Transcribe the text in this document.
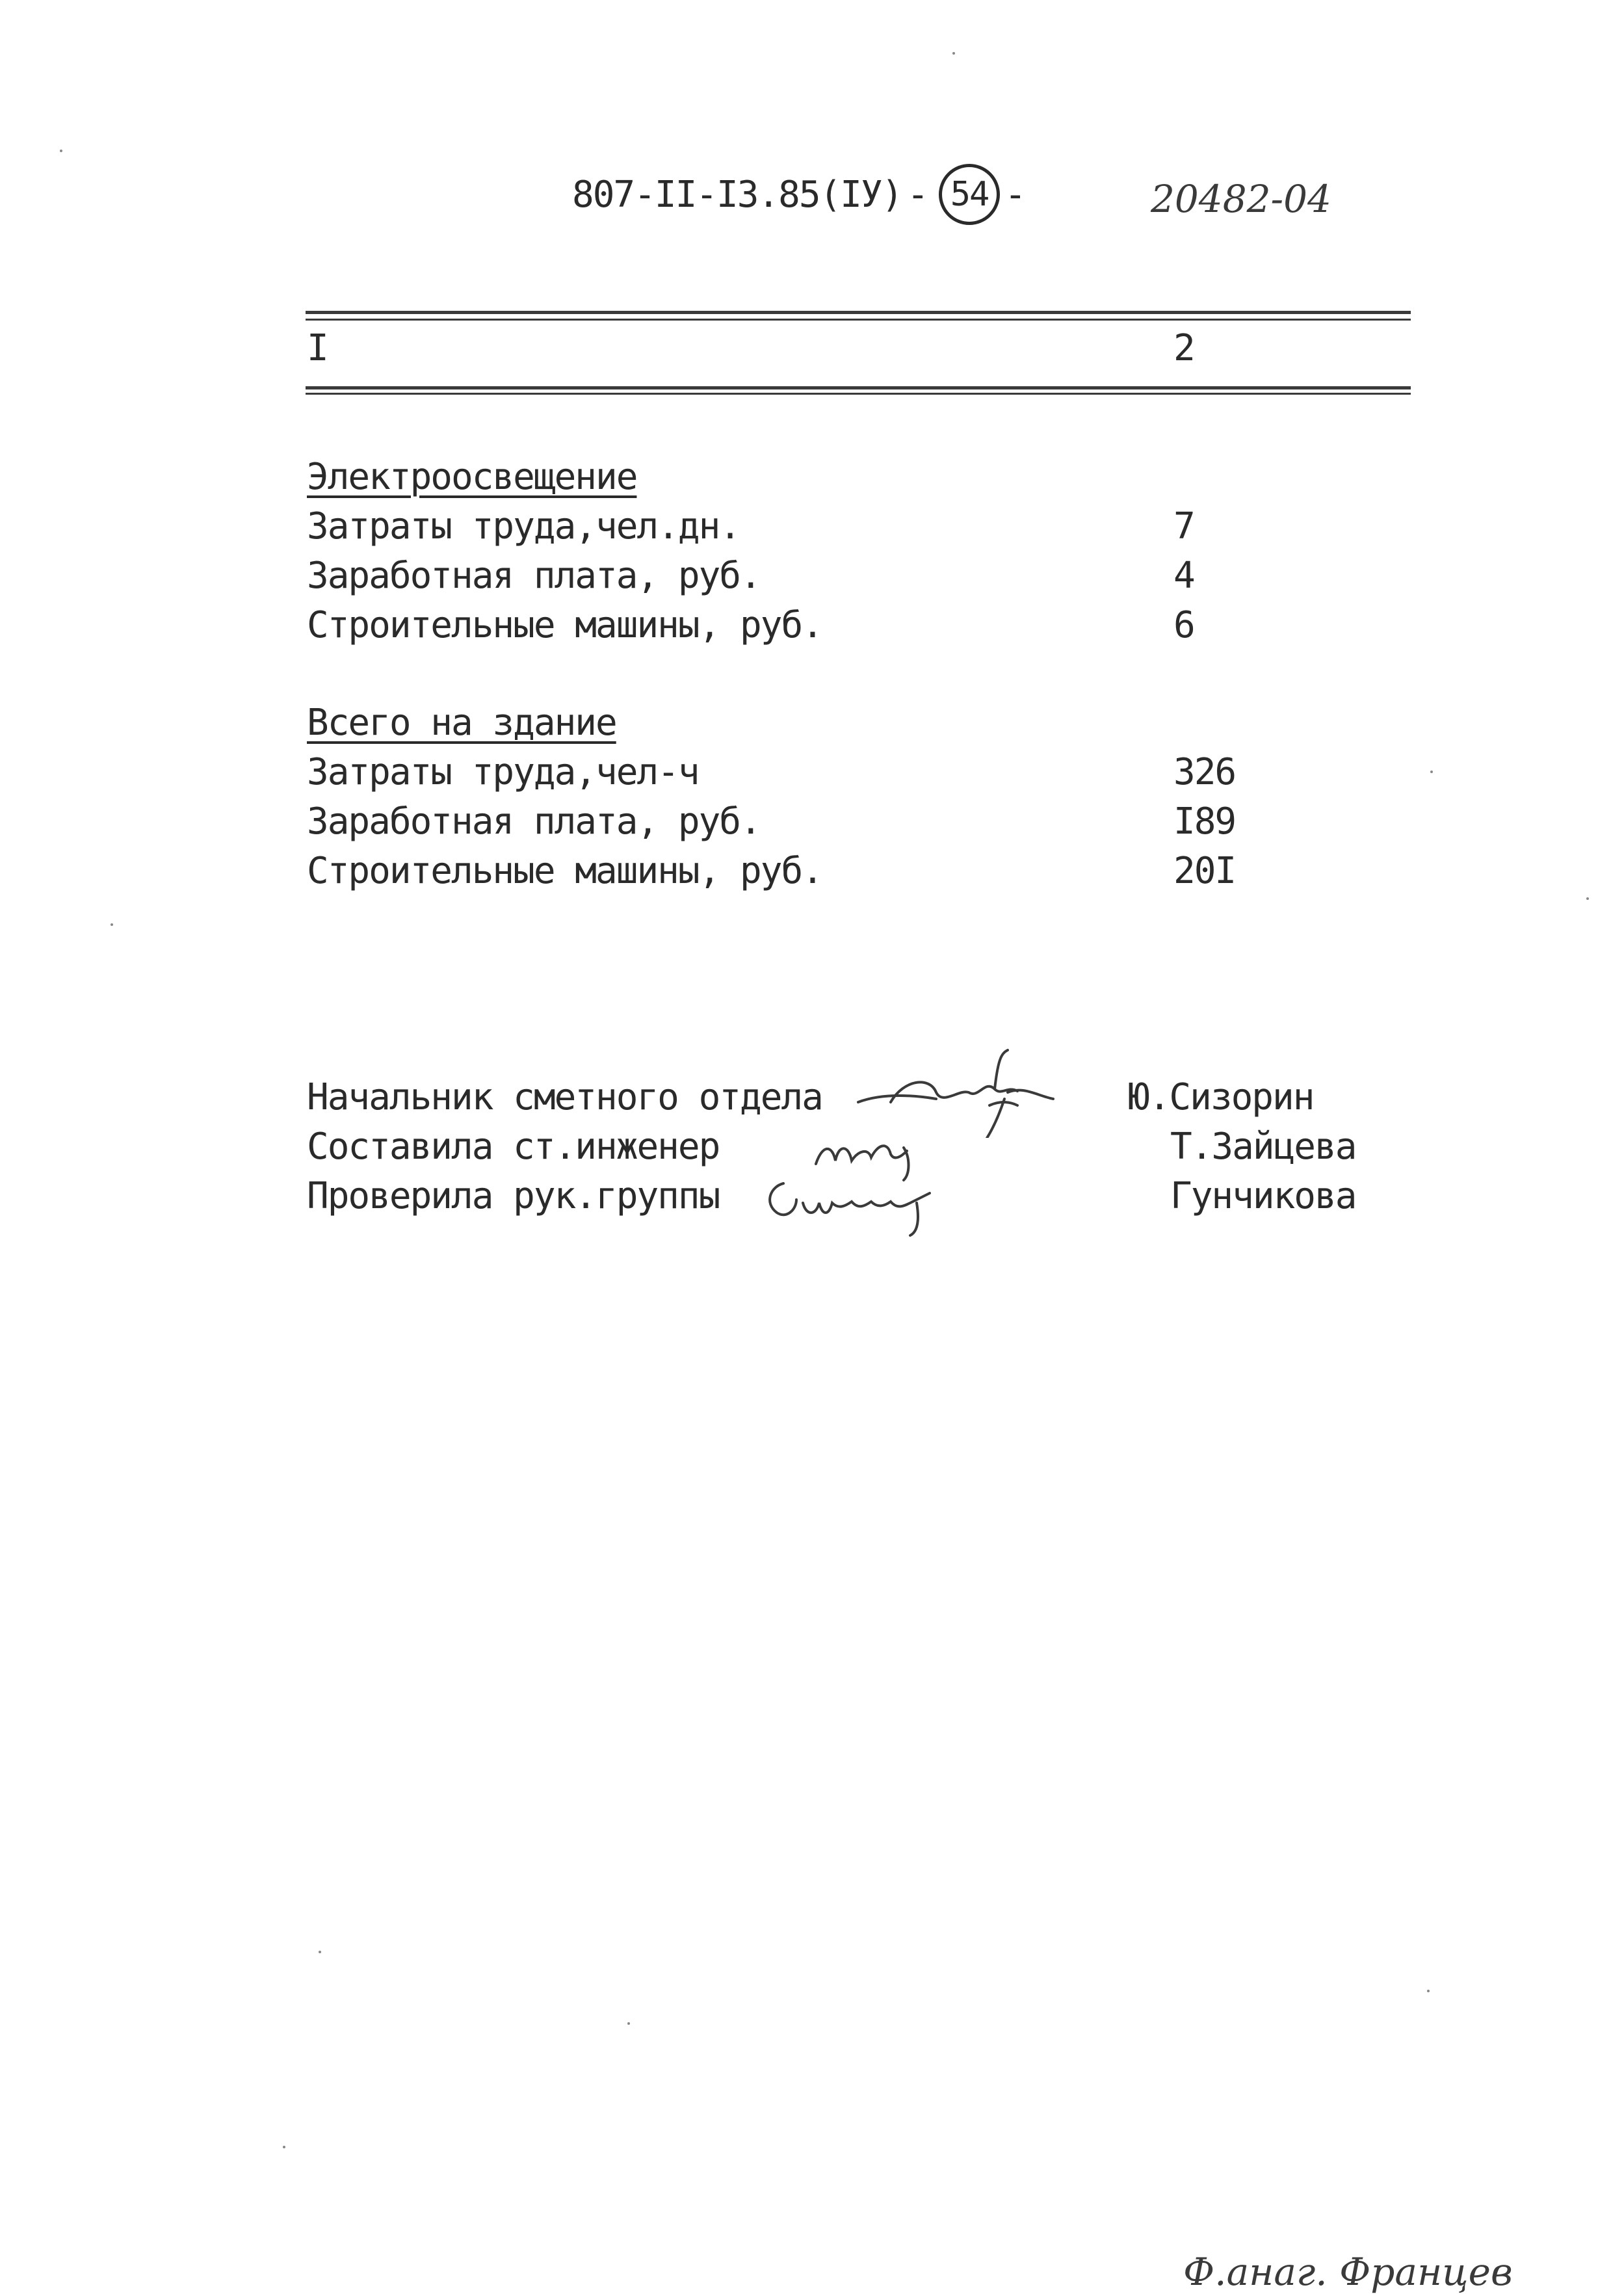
807-II-I3.85(IУ) - 54 -	20482-04
I	2
Электроосвещение
Затраты труда,чел.дн.	7
Заработная плата, руб.	4
Строительные машины, руб.	6
Всего на здание
Затраты труда,чел-ч	326
Заработная плата, руб.	I89
Строительные машины, руб.	20I
Начальник сметного отдела	Ю.Сизорин
Составила ст.инженер	Т.Зайцева
Проверила рук.группы	Гунчикова
Ф.анаг. Францев
